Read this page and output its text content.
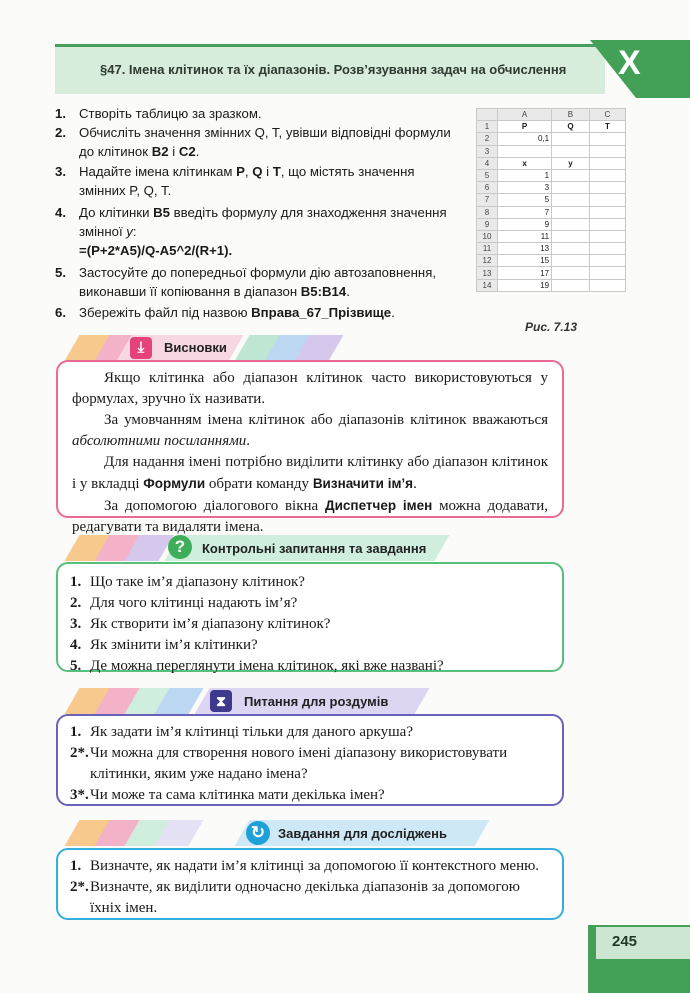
§47. Імена клітинок та їх діапазонів. Розв’язування задач на обчислення X
1. Створіть таблицю за зразком.
2. Обчисліть значення змінних Q, T, увівши відповідні формули до клітинок B2 і C2.
3. Надайте імена клітинкам P, Q і T, що містять значення змінних P, Q, T.
4. До клітинки B5 введіть формулу для знаходження значення змінної y:
=(P+2*A5)/Q-A5^2/(R+1).
5. Застосуйте до попередньої формули дію автозаповнення, виконавши її копіювання в діапазон B5:B14.
6. Збережіть файл під назвою Вправа_67_Прізвище.
	A	B	C
1	P	Q	T
2	0,1		
3			
4	x	y	
5	1		
6	3		
7	5		
8	7		
9	9		
10	11		
11	13		
12	15		
13	17		
14	19		
Рис. 7.13
⤓	Висновки

Якщо клітинка або діапазон клітинок часто використовуються у формулах, зручно їх називати.

За умовчанням імена клітинок або діапазонів клітинок вважаються абсолютними посиланнями.

Для надання імені потрібно виділити клітинку або діапазон клітинок і у вкладці Формули обрати команду Визначити ім’я.

За допомогою діалогового вікна Диспетчер імен можна додавати, редагувати та видаляти імена.

?	Контрольні запитання та завдання
1. Що таке ім’я діапазону клітинок?
2. Для чого клітинці надають ім’я?
3. Як створити ім’я діапазону клітинок?
4. Як змінити ім’я клітинки?
5. Де можна переглянути імена клітинок, які вже названі?
⧗	Питання для роздумів
1. Як задати ім’я клітинці тільки для даного аркуша?
2*. Чи можна для створення нового імені діапазону використовувати клітинки, яким уже надано імена?
3*. Чи може та сама клітинка мати декілька імен?
↻ Завдання для досліджень
1. Визначте, як надати ім’я клітинці за допомогою її контекстного меню.
2*. Визначте, як виділити одночасно декілька діапазонів за допомогою їхніх імен.
245
